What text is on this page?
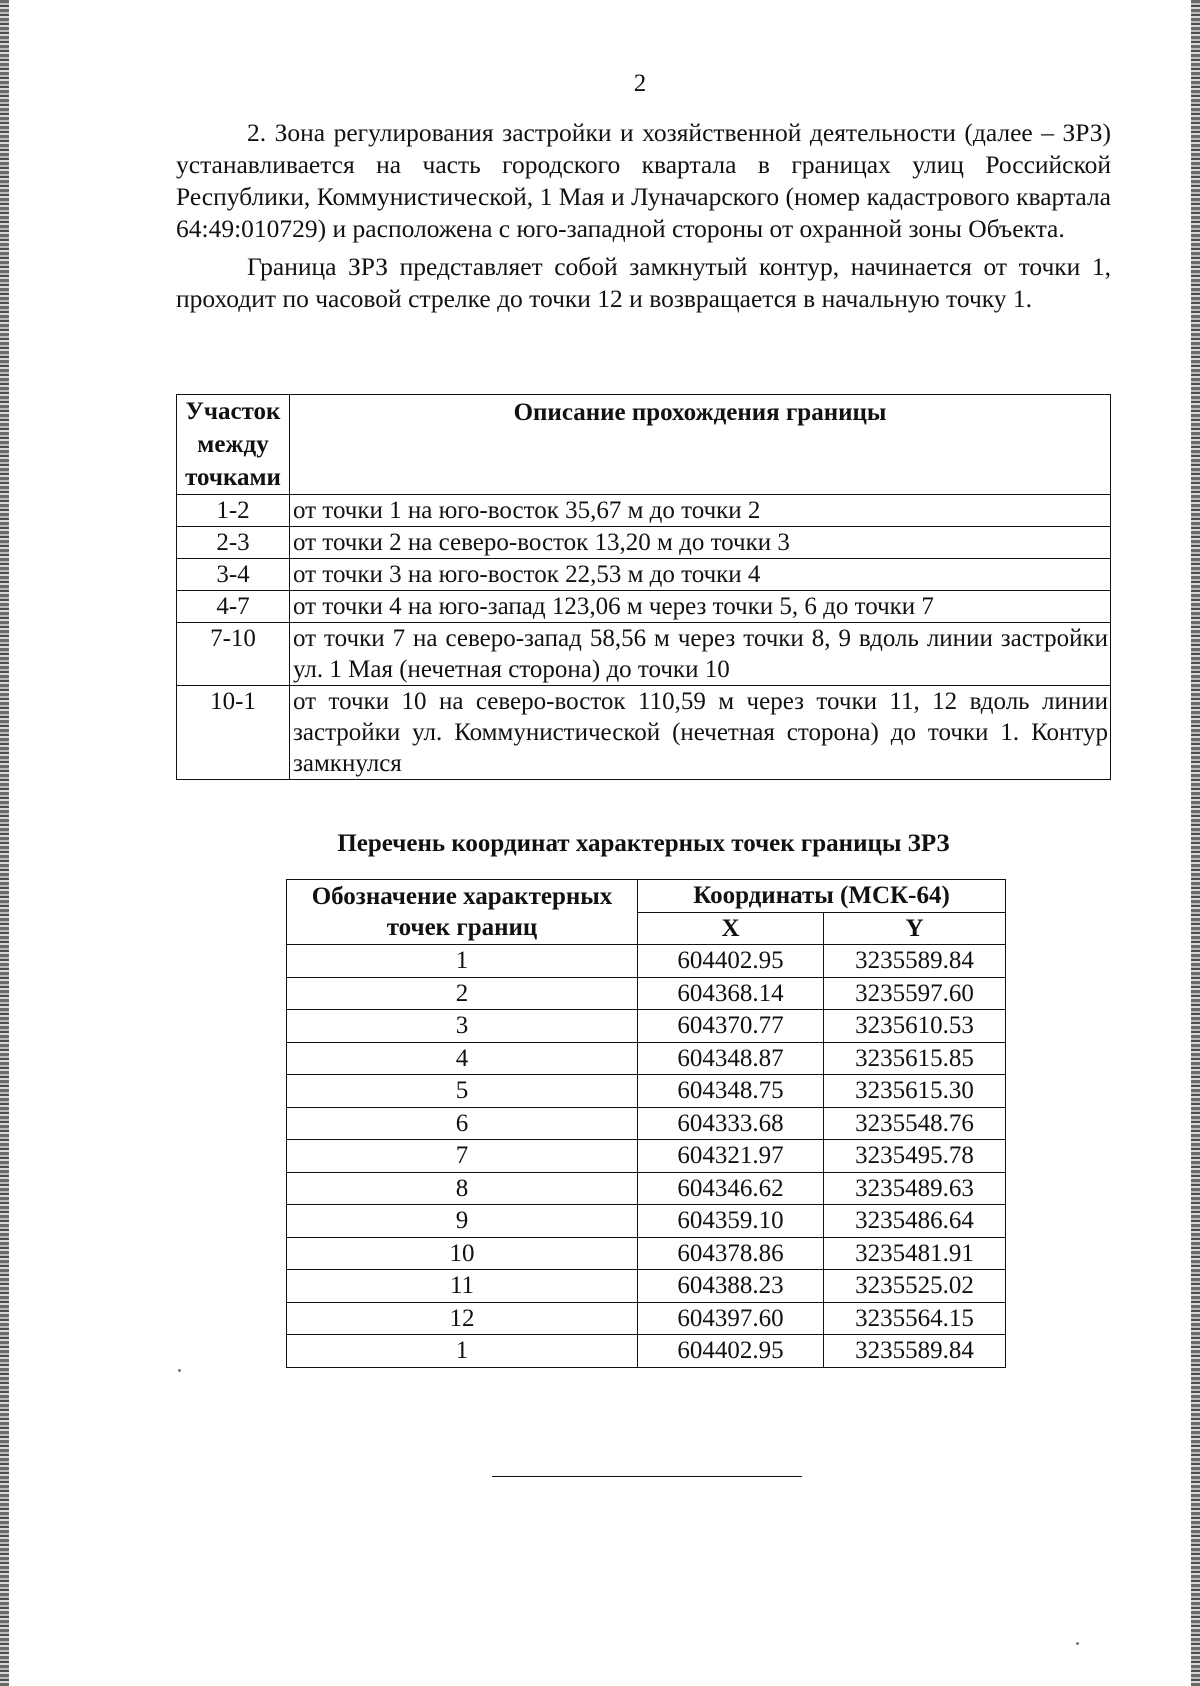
2

2. Зона регулирования застройки и хозяйственной деятельности (далее – ЗРЗ) устанавливается на часть городского квартала в границах улиц Российской Республики, Коммунистической, 1 Мая и Луначарского (номер кадастрового квартала 64:49:010729) и расположена с юго-западной стороны от охранной зоны Объекта.

Граница ЗРЗ представляет собой замкнутый контур, начинается от точки 1, проходит по часовой стрелке до точки 12 и возвращается в начальную точку 1.

Участок между точками	Описание прохождения границы
1-2	от точки 1 на юго-восток 35,67 м до точки 2
2-3	от точки 2 на северо-восток 13,20 м до точки 3
3-4	от точки 3 на юго-восток 22,53 м до точки 4
4-7	от точки 4 на юго-запад 123,06 м через точки 5, 6 до точки 7
7-10	от точки 7 на северо-запад 58,56 м через точки 8, 9 вдоль линии застройки ул. 1 Мая (нечетная сторона) до точки 10
10-1	от точки 10 на северо-восток 110,59 м через точки 11, 12 вдоль линии застройки ул. Коммунистической (нечетная сторона) до точки 1. Контур замкнулся
Перечень координат характерных точек границы ЗРЗ
Обозначение характерных точек границ	Координаты (МСК-64)	
	X	Y
1	604402.95	3235589.84
2	604368.14	3235597.60
3	604370.77	3235610.53
4	604348.87	3235615.85
5	604348.75	3235615.30
6	604333.68	3235548.76
7	604321.97	3235495.78
8	604346.62	3235489.63
9	604359.10	3235486.64
10	604378.86	3235481.91
11	604388.23	3235525.02
12	604397.60	3235564.15
1	604402.95	3235589.84
